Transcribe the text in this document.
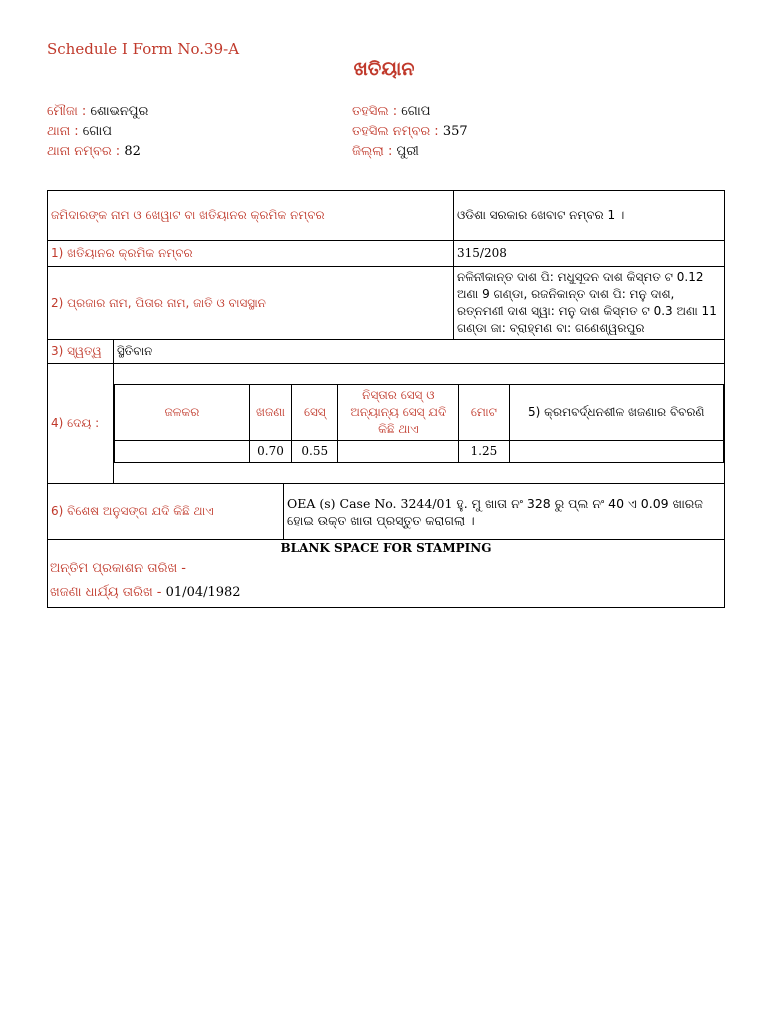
Schedule I Form No.39-A
ଖତିୟାନ
ମୌଜା : ଶୋଭନପୁର
ଥାନା : ଗୋପ
ଥାନା ନମ୍ବର : 82
ତହସିଲ : ଗୋପ
ତହସିଲ ନମ୍ବର : 357
ଜିଲ୍ଲା : ପୁରୀ
ଜମିଦାରଙ୍କ ନାମ ଓ ଖେୱାଟ ବା ଖତିୟାନର କ୍ରମିକ ନମ୍ବର	ଓଡିଶା ସରକାର ଖେବାଟ ନମ୍ବର 1 ।
1) ଖତିୟାନର କ୍ରମିକ ନମ୍ବର	315/208
2) ପ୍ରଜାର ନାମ, ପିତାର ନାମ, ଜାତି ଓ ବାସସ୍ଥାନ	ନଳିନୀକାନ୍ତ ଦାଶ ପି: ମଧୁସୂଦନ ଦାଶ କିସ୍ମତ ଟ 0.12 ଅଣା 9 ଗଣ୍ଡା, ରଜନିକାନ୍ତ ଦାଶ ପି: ମନୁ ଦାଶ, ରତ୍ନମଣୀ ଦାଶ ସ୍ୱା: ମନୁ ଦାଶ କିସ୍ମତ ଟ 0.3 ଅଣା 11 ଗଣ୍ଡା ଜା: ବ୍ରାହ୍ମଣ ବା: ଗଣେଶ୍ୱରପୁର
3) ସ୍ୱତ୍ୱ	ସ୍ଥିତିବାନ
4) ଦେୟ :	
ଜଳକର	ଖଜଣା	ସେସ୍	ନିସ୍ତାର ସେସ୍ ଓ ଅନ୍ୟାନ୍ୟ ସେସ୍ ଯଦି କିଛି ଥାଏ	ମୋଟ	5) କ୍ରମବର୍ଦ୍ଧନଶୀଳ ଖଜଣାର ବିବରଣି
	0.70	0.55		1.25	

6) ବିଶେଷ ଅନୁସଙ୍ଗ ଯଦି କିଛି ଥାଏ	OEA (s) Case No. 3244/01 ହୁ. ମୁ ଖାତା ନଂ 328 ରୁ ପ୍ଲ ନଂ 40 ଏ 0.09 ଖାରଜ ହୋଇ ଉକ୍ତ ଖାତା ପ୍ରସ୍ତୁତ କରାଗଲା ।

BLANK SPACE FOR STAMPING
ଅନ୍ତିମ ପ୍ରକାଶନ ତାରିଖ -
ଖଜଣା ଧାର୍ଯ୍ୟ ତାରିଖ - 01/04/1982
